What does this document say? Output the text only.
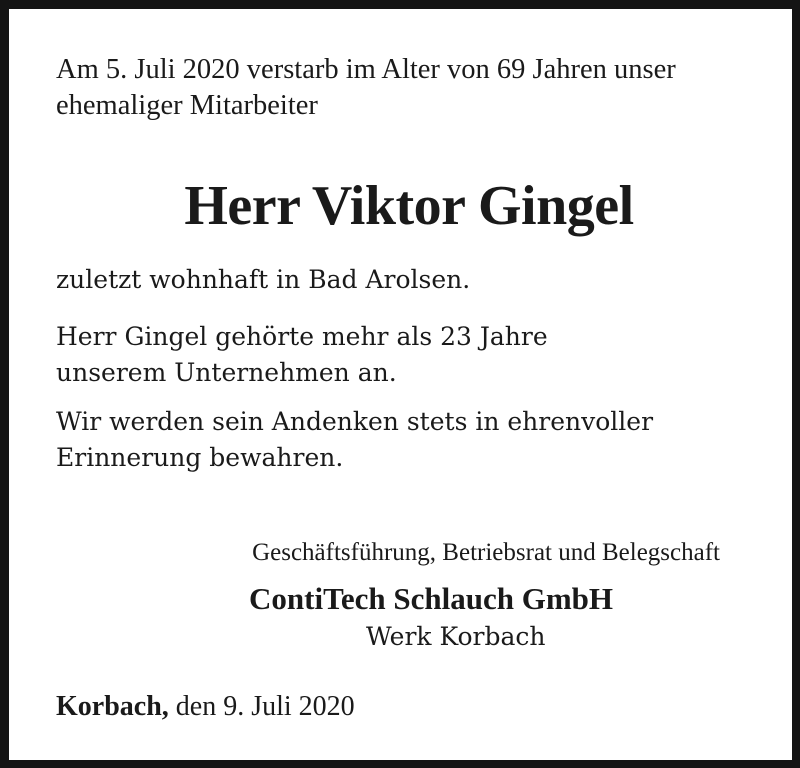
Am 5. Juli 2020 verstarb im Alter von 69 Jahren unser
ehemaliger Mitarbeiter
Herr Viktor Gingel
zuletzt wohnhaft in Bad Arolsen.
Herr Gingel gehörte mehr als 23 Jahre
unserem Unternehmen an.
Wir werden sein Andenken stets in ehrenvoller
Erinnerung bewahren.
Geschäftsführung, Betriebsrat und Belegschaft
ContiTech Schlauch GmbH
Werk Korbach
Korbach, den 9. Juli 2020
